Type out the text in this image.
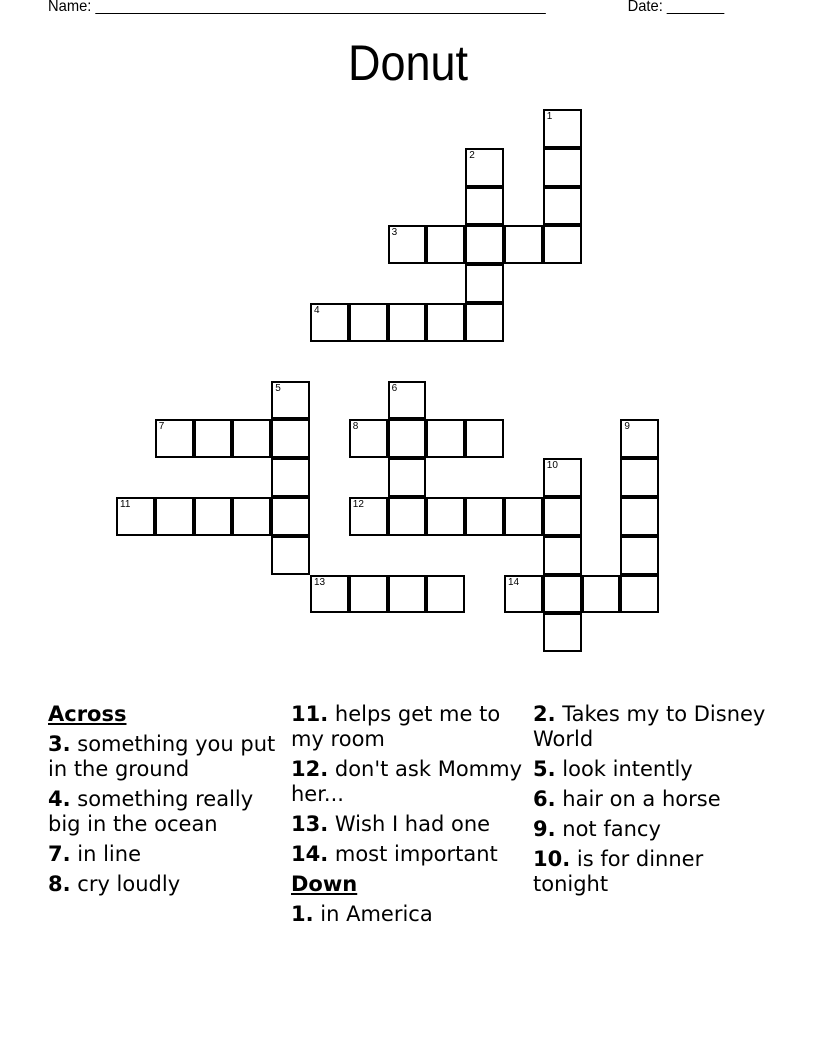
Name: _______________________________________________________	Date: _______
Donut
1
2
3
4
5	6
7	8	9
10
11	12
13	14
Across
3. something you put in the ground
4. something really big in the ocean
7. in line
8. cry loudly
11. helps get me to my room
12. don't ask Mommy her...
13. Wish I had one
14. most important
Down
1. in America
2. Takes my to Disney World
5. look intently
6. hair on a horse
9. not fancy
10. is for dinner tonight
